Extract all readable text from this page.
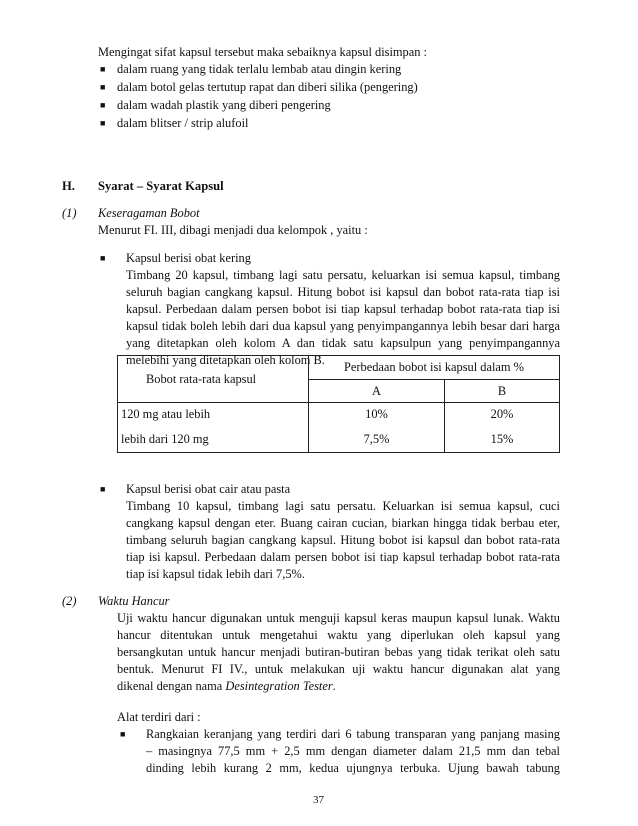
Mengingat sifat kapsul tersebut maka sebaiknya kapsul disimpan :
■ dalam ruang yang tidak terlalu lembab atau dingin kering
■ dalam botol gelas tertutup rapat dan diberi silika (pengering)
■ dalam wadah plastik yang diberi pengering
■ dalam blitser / strip alufoil
H. Syarat – Syarat Kapsul
(1) Keseragaman Bobot
Menurut FI. III, dibagi menjadi dua kelompok , yaitu :
■ Kapsul berisi obat kering
Timbang 20 kapsul, timbang lagi satu persatu, keluarkan isi semua kapsul, timbang
seluruh bagian cangkang kapsul. Hitung bobot isi kapsul dan bobot rata-rata tiap isi
kapsul. Perbedaan dalam persen bobot isi tiap kapsul terhadap bobot rata-rata tiap isi
kapsul tidak boleh lebih dari dua kapsul yang penyimpangannya lebih besar dari harga
yang ditetapkan oleh kolom A dan tidak satu kapsulpun yang penyimpangannya
melebihi yang ditetapkan oleh kolom B.
Bobot rata-rata kapsul	Perbedaan bobot isi kapsul dalam %	
	A	B
120 mg atau lebih	10%	20%
lebih dari 120 mg	7,5%	15%
■ Kapsul berisi obat cair atau pasta
Timbang 10 kapsul, timbang lagi satu persatu. Keluarkan isi semua kapsul, cuci
cangkang kapsul dengan eter. Buang cairan cucian, biarkan hingga tidak berbau eter,
timbang seluruh bagian cangkang kapsul. Hitung bobot isi kapsul dan bobot rata-rata
tiap isi kapsul. Perbedaan dalam persen bobot isi tiap kapsul terhadap bobot rata-rata
tiap isi kapsul tidak lebih dari 7,5%.
(2) Waktu Hancur
Uji waktu hancur digunakan untuk menguji kapsul keras maupun kapsul lunak. Waktu
hancur ditentukan untuk mengetahui waktu yang diperlukan oleh kapsul yang
bersangkutan untuk hancur menjadi butiran-butiran bebas yang tidak terikat oleh satu
bentuk. Menurut FI IV., untuk melakukan uji waktu hancur digunakan alat yang
dikenal dengan nama Desintegration Tester.
Alat terdiri dari :
■ Rangkaian keranjang yang terdiri dari 6 tabung transparan yang panjang masing
– masingnya 77,5 mm + 2,5 mm dengan diameter dalam 21,5 mm dan tebal
dinding lebih kurang 2 mm, kedua ujungnya terbuka. Ujung bawah tabung
37
